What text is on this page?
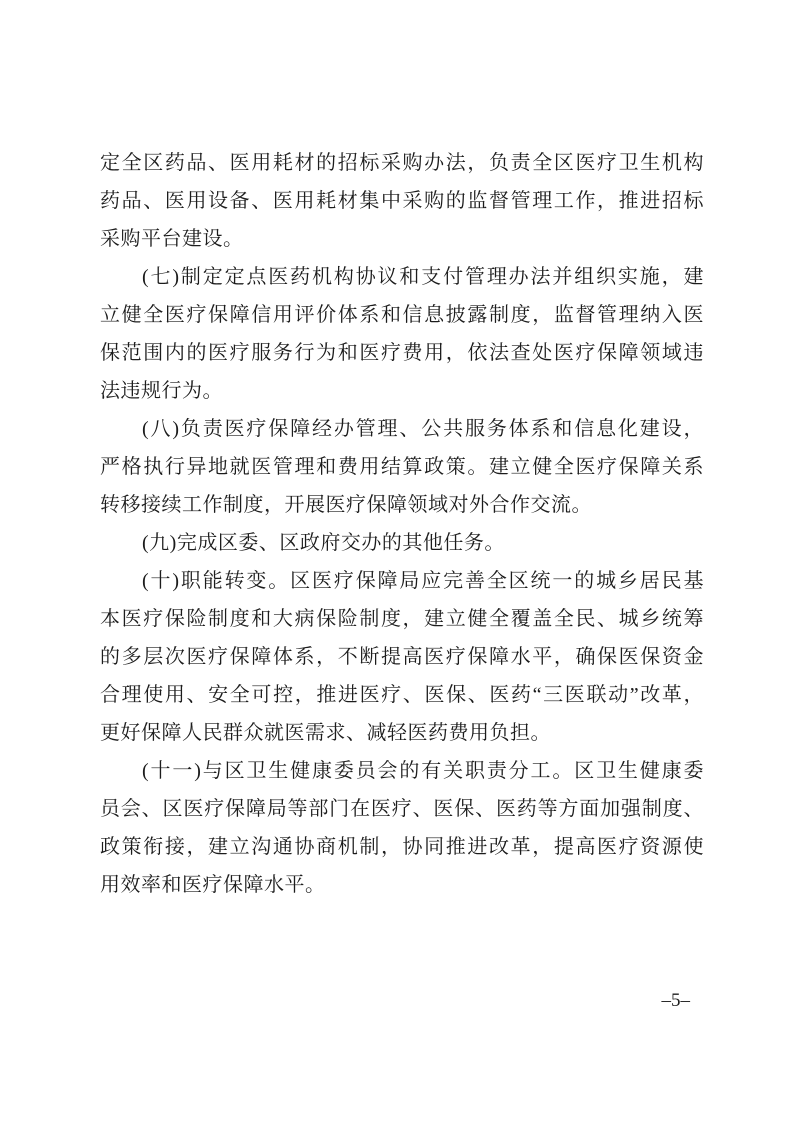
定全区药品、医用耗材的招标采购办法，负责全区医疗卫生机构
药品、医用设备、医用耗材集中采购的监督管理工作，推进招标
采购平台建设。
(七)制定定点医药机构协议和支付管理办法并组织实施，建
立健全医疗保障信用评价体系和信息披露制度，监督管理纳入医
保范围内的医疗服务行为和医疗费用，依法查处医疗保障领域违
法违规行为。
(八)负责医疗保障经办管理、公共服务体系和信息化建设，
严格执行异地就医管理和费用结算政策。建立健全医疗保障关系
转移接续工作制度，开展医疗保障领域对外合作交流。
(九)完成区委、区政府交办的其他任务。
(十)职能转变。区医疗保障局应完善全区统一的城乡居民基
本医疗保险制度和大病保险制度，建立健全覆盖全民、城乡统筹
的多层次医疗保障体系，不断提高医疗保障水平，确保医保资金
合理使用、安全可控，推进医疗、医保、医药“三医联动”改革，
更好保障人民群众就医需求、减轻医药费用负担。
(十一)与区卫生健康委员会的有关职责分工。区卫生健康委
员会、区医疗保障局等部门在医疗、医保、医药等方面加强制度、
政策衔接，建立沟通协商机制，协同推进改革，提高医疗资源使
用效率和医疗保障水平。
–5–
